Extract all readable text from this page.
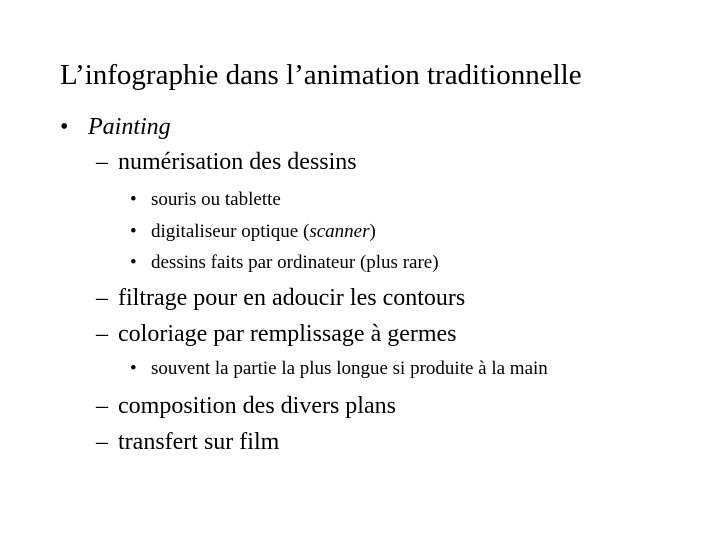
L’infographie dans l’animation traditionnelle
• Painting
– numérisation des dessins
• souris ou tablette
• digitaliseur optique (scanner)
• dessins faits par ordinateur (plus rare)
– filtrage pour en adoucir les contours
– coloriage par remplissage à germes
• souvent la partie la plus longue si produite à la main
– composition des divers plans
– transfert sur film
